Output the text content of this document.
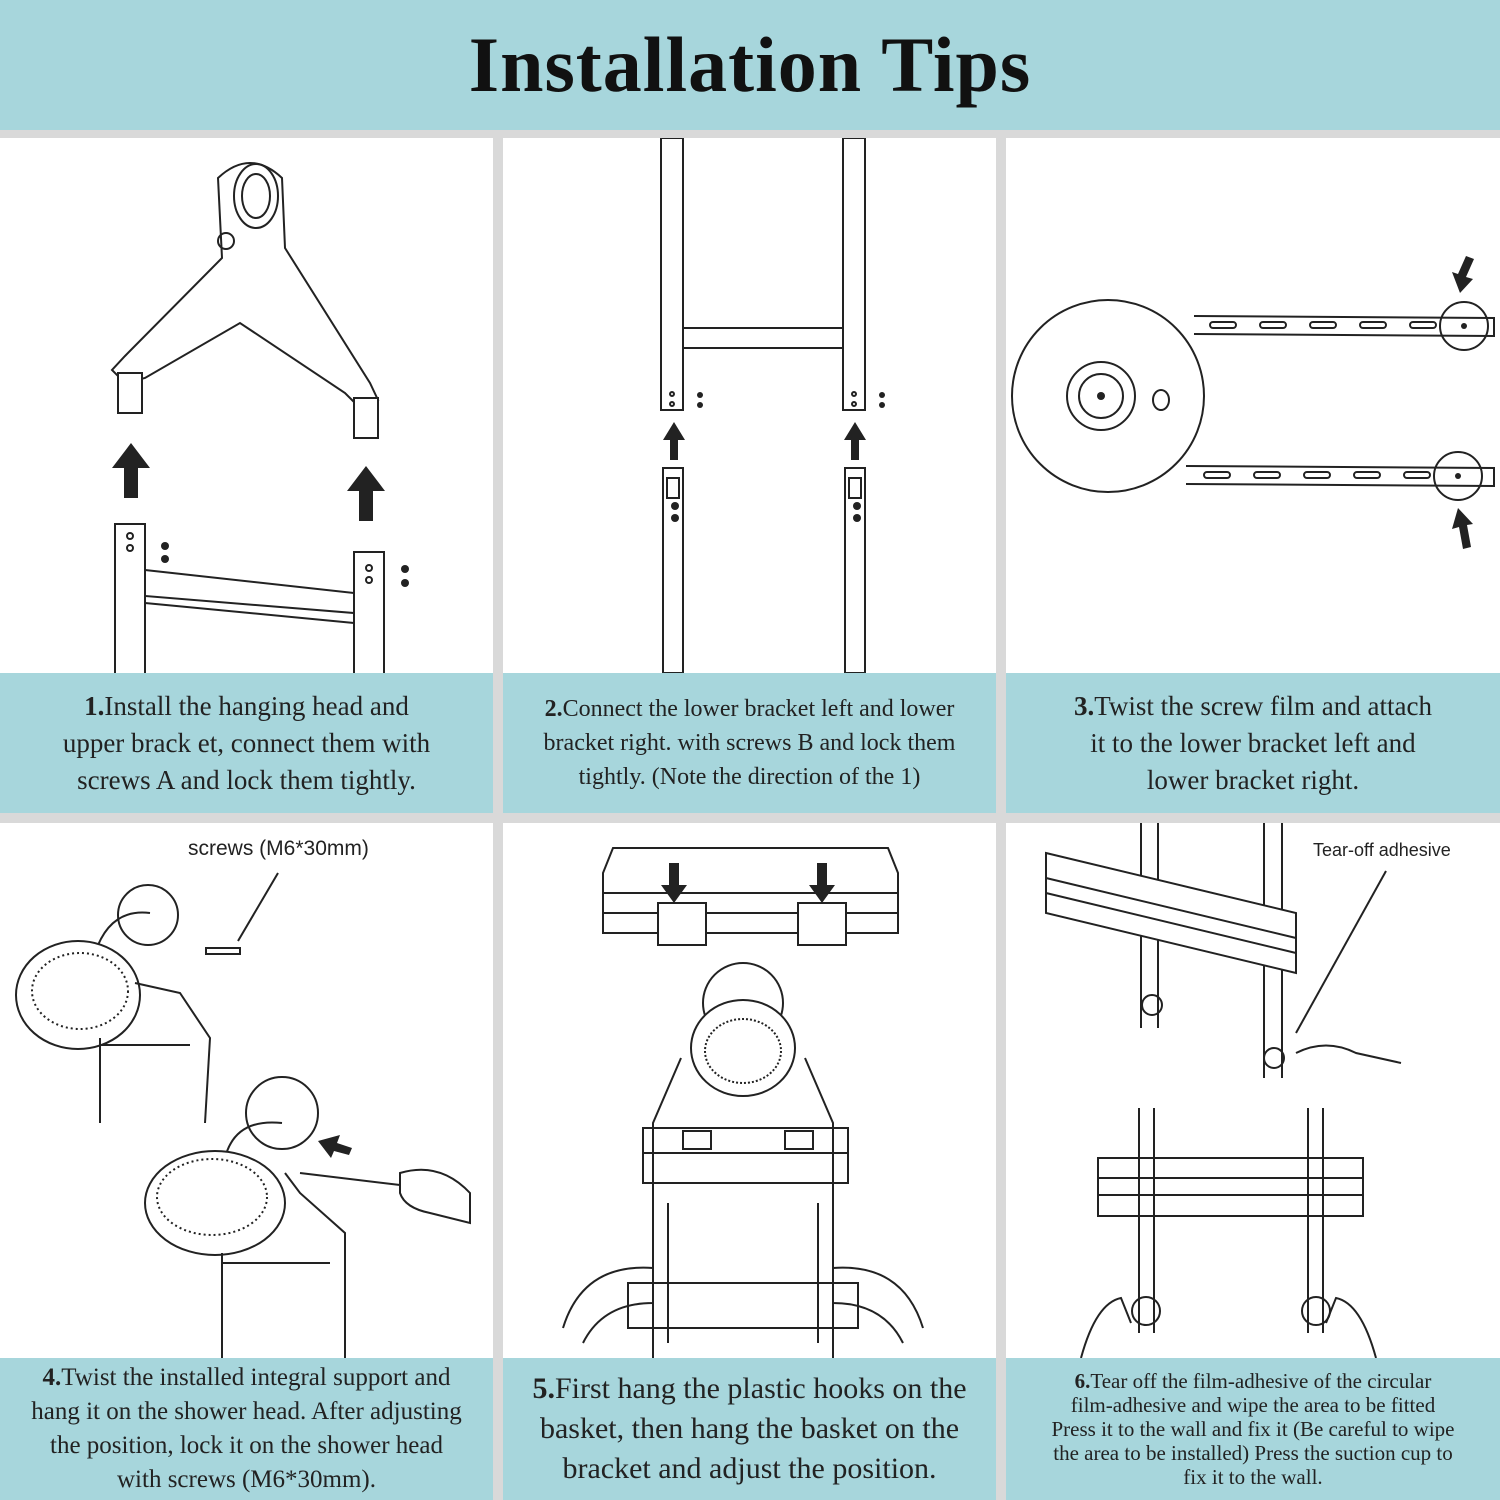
Installation Tips
1.Install the hanging head and
upper brack et, connect them with
screws A and lock them tightly.
2.Connect the lower bracket left and lower
bracket right. with screws B and lock them
tightly. (Note the direction of the 1)
3.Twist the screw film and attach
it to the lower bracket left and
lower bracket right.
screws (M6*30mm)
4.Twist the installed integral support and
hang it on the shower head. After adjusting
the position, lock it on the shower head
with screws (M6*30mm).
5.First hang the plastic hooks on the
basket, then hang the basket on the
bracket and adjust the position.
Tear-off adhesive
6.Tear off the film-adhesive of the circular
film-adhesive and wipe the area to be fitted
Press it to the wall and fix it (Be careful to wipe
the area to be installed) Press the suction cup to
fix it to the wall.
